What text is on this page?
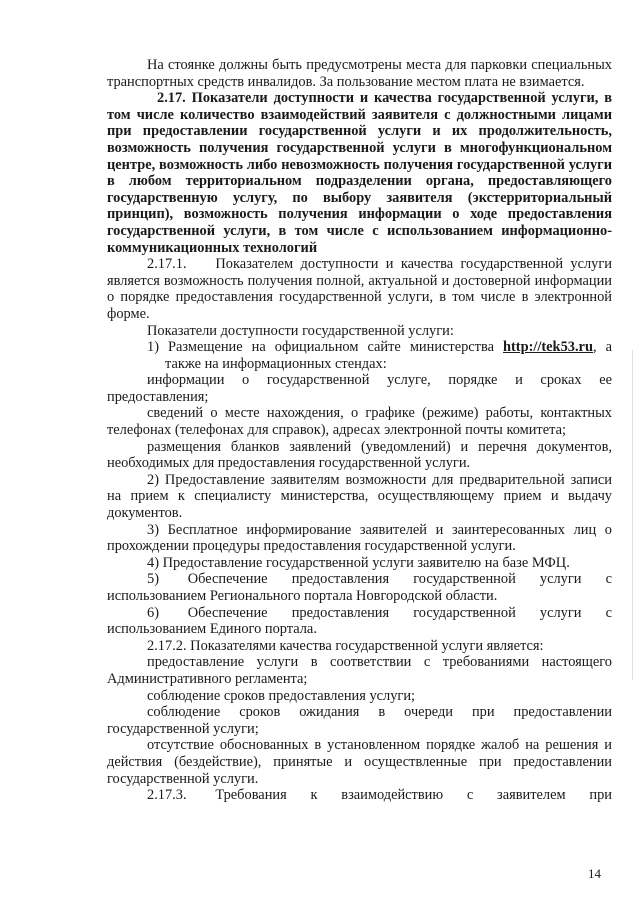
На стоянке должны быть предусмотрены места для парковки специальных транспортных средств инвалидов. За пользование местом плата не взимается.

2.17. Показатели доступности и качества государственной услуги, в том числе количество взаимодействий заявителя с должностными лицами при предоставлении государственной услуги и их продолжительность, возможность получения государственной услуги в многофункциональном центре, возможность либо невозможность получения государственной услуги в любом территориальном подразделении органа, предоставляющего государственную услугу, по выбору заявителя (экстерриториальный принцип), возможность получения информации о ходе предоставления государственной услуги, в том числе с использованием информационно-коммуникационных технологий

2.17.1.  Показателем доступности и качества государственной услуги является возможность получения полной, актуальной и достоверной информации о порядке предоставления государственной услуги, в том числе в электронной форме.

Показатели доступности государственной услуги:

1) Размещение на официальном сайте министерства http://tek53.ru, а также на информационных стендах:

информации о государственной услуге, порядке и сроках ее предоставления;

сведений о месте нахождения, о графике (режиме) работы, контактных телефонах (телефонах для справок), адресах электронной почты комитета;

размещения бланков заявлений (уведомлений) и перечня документов, необходимых для предоставления государственной услуги.

2) Предоставление заявителям возможности для предварительной записи на прием к специалисту министерства, осуществляющему прием и выдачу документов.

3) Бесплатное информирование заявителей и заинтересованных лиц о прохождении процедуры предоставления государственной услуги.

4) Предоставление государственной услуги заявителю на базе МФЦ.

5)  Обеспечение предоставления государственной услуги с использованием Регионального портала Новгородской области.

6)  Обеспечение предоставления государственной услуги с использованием Единого портала.

2.17.2. Показателями качества государственной услуги является:

предоставление услуги в соответствии с требованиями настоящего Административного регламента;

соблюдение сроков предоставления услуги;

соблюдение сроков ожидания в очереди при предоставлении государственной услуги;

отсутствие обоснованных в установленном порядке жалоб на решения и действия (бездействие), принятые и осуществленные при предоставлении государственной услуги.

2.17.3.  Требования к взаимодействию с заявителем при

14
